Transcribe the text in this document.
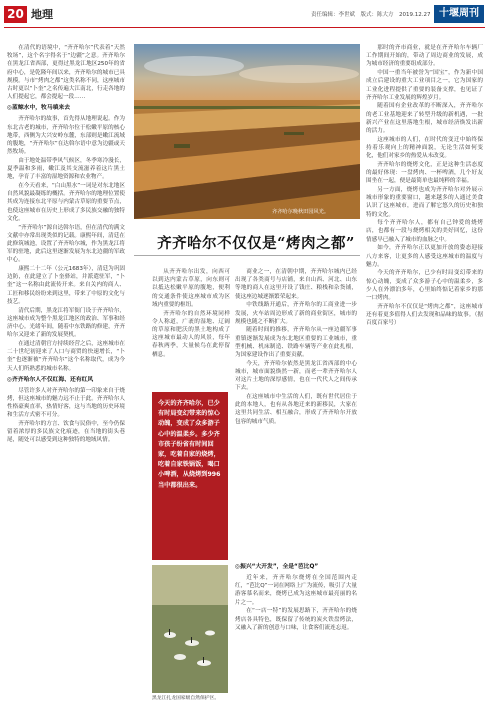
20 地理	责任编辑：李世斌　版式：陈大方　2019.12.27 十堰周刊

在清代的语境中，“齐齐哈尔”代表着“天然牧场”，这个名字得名于“边疆”之意。齐齐哈尔在黑龙江省西部，更得过黑龙江地区250年的省府中心，是乾隆年间以来，齐齐哈尔的城市已具规模。与市“烤肉之都”这类名称不同，这座城市古时更以“卜奎”之名传遍大江南北，行走各地的人们提起它，都会提起一段……

◎蓝鲸水中，牧马嗔来去

齐齐哈尔的故事，首先得从地理说起。作为东北古老的城市，齐齐哈尔位于松嫩平原的核心地带，西侧为大兴安岭东麓，东部则是嫩江流域的腹地，“齐齐哈尔”在达斡尔语中意为边疆或天然牧场。

由于地处温带季风气候区，冬季寒冷漫长，夏季温和多雨，嫩江及其支流滋养着这片黑土地，孕育了丰富的湿地资源和农业物产。

在今天看来，“白山黑水”一词是对东北地区自然风貌最凝练的概括。齐齐哈尔的地理位置使其成为连接东北平原与内蒙古草原的重要节点，也使这座城市在历史上形成了多民族交融的独特文化。

“齐齐哈尔”源自达斡尔语，但在清代的满文文献中亦常出现类似的记载。康熙年间，清廷在此修筑城池，设置了齐齐哈尔城，作为黑龙江将军的驻地，此后这里逐渐发展为东北边疆的军政中心。

康熙二十二年（公元1683年），清廷为巩固边防，在此建立了卜奎驿站，并派遣驻军，“卜奎”这一名称由此流传开来。来自关内的商人、工匠和移民纷纷来到这里，带来了中原的文化与技艺。

清代后期，黑龙江将军衙门设于齐齐哈尔，这座城市成为整个黑龙江地区的政治、军事和经济中心。光绪年间，随着中东铁路的修建，齐齐哈尔又迎来了新的发展契机。

在通过清朝官方持续经营之后，这座城市在二十世纪初迎来了人口与商贸的快速增长，“卜奎”也逐渐被“齐齐哈尔”这个名称取代，成为今天人们所熟悉的城市名称。

◎齐齐哈尔人不仅红海、还有红风

尽管许多人对齐齐哈尔的第一印象来自于烧烤，但这座城市的魅力远不止于此。齐齐哈尔人性格豪爽直率，热情好客，这与当地的历史环境和生活方式密不可分。

齐齐哈尔的方言、饮食与民俗中，至今仍保留着浓厚的多民族文化痕迹，在当地的街头巷尾，随处可以感受到这种独特的地域风情。

齐齐哈尔晚秋田园风光。
齐齐哈尔不仅仅是“烤肉之都”

商业之一，在清朝中期，齐齐哈尔城内已经出现了各类商号与店铺，来自山西、河北、山东等地的商人在这里开设了钱庄、粮栈和杂货铺，使这座边城逐渐繁荣起来。

中铁线路开通后，齐齐哈尔的工商业进一步发展，火车站周边形成了新的商业街区，城市的规模也随之不断扩大。

随着时间的推移，齐齐哈尔从一座边疆军事重镇逐渐发展成为东北地区重要的工业城市，重型机械、机床制造、铁路车辆等产业在此扎根，为国家建设作出了重要贡献。

今天，齐齐哈尔依然是黑龙江省西部的中心城市，城市面貌焕然一新，而老一辈齐齐哈尔人对这片土地的深厚感情，也在一代代人之间传承下去。

在这座城市中生活的人们，既有世代居住于此的本地人，也有从各地迁来的新移民，大家在这里共同生活、相互融合，形成了齐齐哈尔开放包容的城市气质。

从齐齐哈尔出发，向西可以到达内蒙古草原，向东则可以抵达松嫩平原的腹地，便利的交通条件使这座城市成为区域内重要的枢纽。

齐齐哈尔的自然环境同样令人称道，广袤的湿地、辽阔的草原和肥沃的黑土地构成了这座城市最动人的风景，每年春秋两季，大量候鸟在此停留栖息。

今天的齐齐哈尔，已少有时局变幻带来的惊心动魄，变成了众多游子心中的温柔乡。多少齐市孩子纷省有时间回家，吃着自家的烧烤，吃着自家铁锅饭，喝口小啤酒，从烧烤到996当中都很出来。
黑龙江扎龙国家级自然保护区。
◎振兴“大开发”，全是“芭比Q”

近年来，齐齐哈尔烧烤在全国范围内走红，“芭比Q”一词在网络上广为流传，吸引了大量游客慕名而来，烧烤已成为这座城市最亮丽的名片之一。

在“一店一特”的发展思路下，齐齐哈尔的烧烤店各具特色，既保留了传统的炭火铁盘烤法，又融入了新的创意与口味，让食客们流连忘返。

那时的齐市商业，就是在齐齐哈尔车辆厂工作期间开始的，带动了周边商业的发展，成为城市经济的重要组成部分。

中国一重当年被誉为“国宝”，作为新中国成立后建设的重大工业项目之一，它为国家的工业化进程提供了重要的装备支撑，也见证了齐齐哈尔工业发展的辉煌岁月。

随着国有企业改革的不断深入，齐齐哈尔的老工业基地迎来了转型升级的新机遇，一批新兴产业在这里落地生根，城市经济焕发出新的活力。

这座城市的人们，在时代的变迁中始终保持着乐观向上的精神面貌，无论生活如何变化，他们对家乡的热爱从未改变。

齐齐哈尔的烧烤文化，正是这种生活态度的最好体现：一盘烤肉、一杯啤酒，几个好友围坐在一起，便是最简单也最纯粹的幸福。

另一方面，烧烤也成为齐齐哈尔对外展示城市形象的重要窗口，越来越多的人通过美食认识了这座城市，进而了解它悠久的历史和独特的文化。

每个齐齐哈尔人，都有自己钟爱的烧烤店，也都有一段与烧烤相关的美好回忆，这份情感早已融入了城市的血脉之中。

如今，齐齐哈尔正以更加开放的姿态迎接八方来客，让更多的人感受这座城市的温度与魅力。

今天的齐齐哈尔，已少有时局变幻带来的惊心动魄，变成了众多游子心中的温柔乡，多少人在外漂泊多年，心里始终惦记着家乡的那一口烤肉。

齐齐哈尔不仅仅是“烤肉之都”，这座城市还有着更多值得人们去发现和品味的故事。（据百度百家号）
